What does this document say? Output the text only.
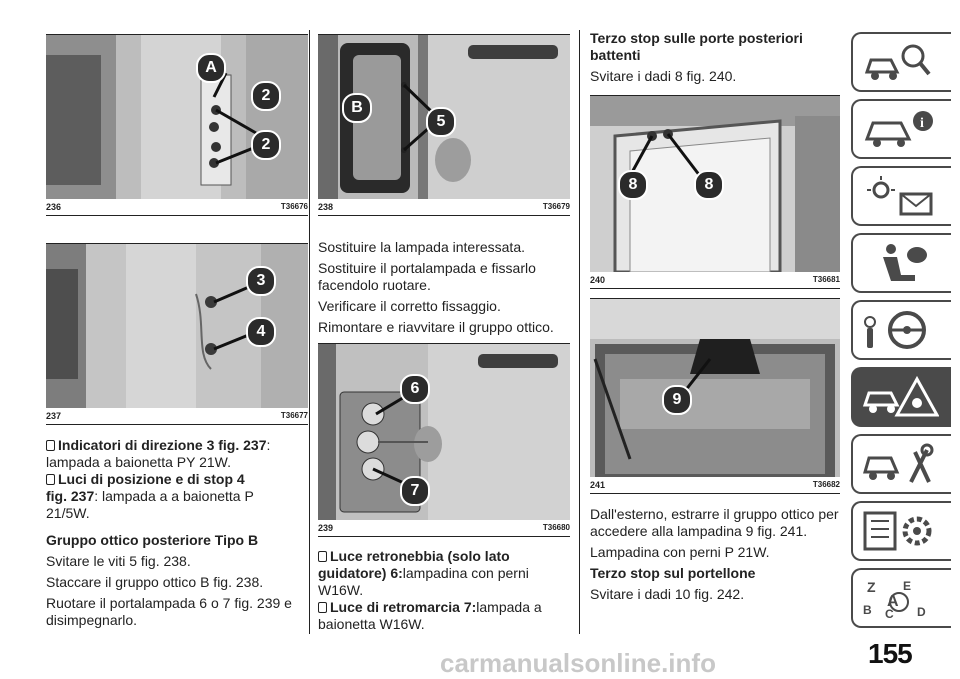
A
2
2
236	T36676
3
4
237	T36677

Indicatori di direzione 3 fig. 237:
lampada a baionetta PY 21W.
Luci di posizione e di stop 4
fig. 237: lampada a a baionetta P
21/5W.

Gruppo ottico posteriore Tipo B

Svitare le viti 5 fig. 238.

Staccare il gruppo ottico B fig. 238.

Ruotare il portalampada 6 o 7 fig. 239 e disimpegnarlo.

B
5
238	T36679

Sostituire la lampada interessata.

Sostituire il portalampada e fissarlo facendolo ruotare.

Verificare il corretto fissaggio.

Rimontare e riavvitare il gruppo ottico.

6
7
239	T36680

Luce retronebbia (solo lato
guidatore) 6:lampadina con perni
W16W.
Luce di retromarcia 7:lampada a
baionetta W16W.

Terzo stop sulle porte posteriori battenti

Svitare i dadi 8 fig. 240.

8	8
240	T36681
9
241	T36682

Dall'esterno, estrarre il gruppo ottico per accedere alla lampadina 9 fig. 241.

Lampadina con perni P 21W.

Terzo stop sul portellone

Svitare i dadi 10 fig. 242.

i
Z E
A
B C D
carmanualsonline.info	155
